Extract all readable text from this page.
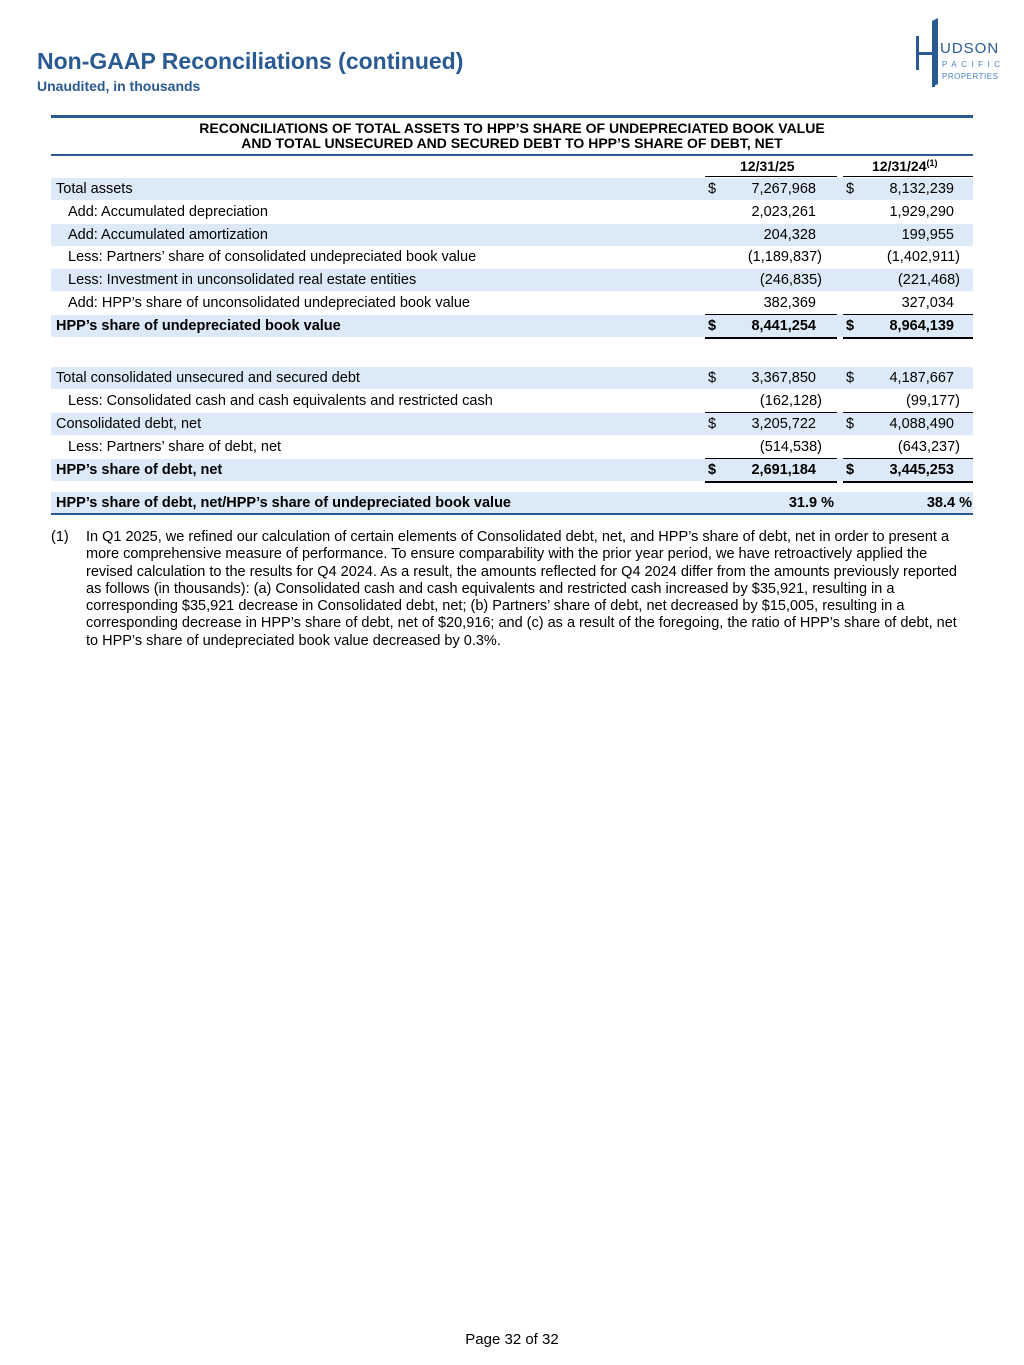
Non-GAAP Reconciliations (continued)
Unaudited, in thousands
UDSON
PACIFIC
PROPERTIES
RECONCILIATIONS OF TOTAL ASSETS TO HPP’S SHARE OF UNDEPRECIATED BOOK VALUE
AND TOTAL UNSECURED AND SECURED DEBT TO HPP’S SHARE OF DEBT, NET
12/31/25	12/31/24$^{(1)}$
Total assets	$ 7,267,968 $ 8,132,239
Add: Accumulated depreciation	2,023,261	1,929,290
Add: Accumulated amortization	204,328	199,955
Less: Partners’ share of consolidated undepreciated book value	(1,189,837)	(1,402,911)
Less: Investment in unconsolidated real estate entities	(246,835)	(221,468)
Add: HPP’s share of unconsolidated undepreciated book value	382,369	327,034
HPP’s share of undepreciated book value	$ 8,441,254 $ 8,964,139
Total consolidated unsecured and secured debt	$ 3,367,850 $ 4,187,667
Less: Consolidated cash and cash equivalents and restricted cash	(162,128)	(99,177)
Consolidated debt, net	$ 3,205,722 $ 4,088,490
Less: Partners’ share of debt, net	(514,538)	(643,237)
HPP’s share of debt, net	$ 2,691,184 $ 3,445,253
HPP’s share of debt, net/HPP’s share of undepreciated book value	31.9 %	38.4 %
(1) In Q1 2025, we refined our calculation of certain elements of Consolidated debt, net, and HPP’s share of debt, net in order to present a more comprehensive measure of performance. To ensure comparability with the prior year period, we have retroactively applied the revised calculation to the results for Q4 2024. As a result, the amounts reflected for Q4 2024 differ from the amounts previously reported as follows (in thousands): (a) Consolidated cash and cash equivalents and restricted cash increased by $35,921, resulting in a corresponding $35,921 decrease in Consolidated debt, net; (b) Partners’ share of debt, net decreased by $15,005, resulting in a corresponding decrease in HPP’s share of debt, net of $20,916; and (c) as a result of the foregoing, the ratio of HPP’s share of debt, net to HPP’s share of undepreciated book value decreased by 0.3%.
Page 32 of 32
